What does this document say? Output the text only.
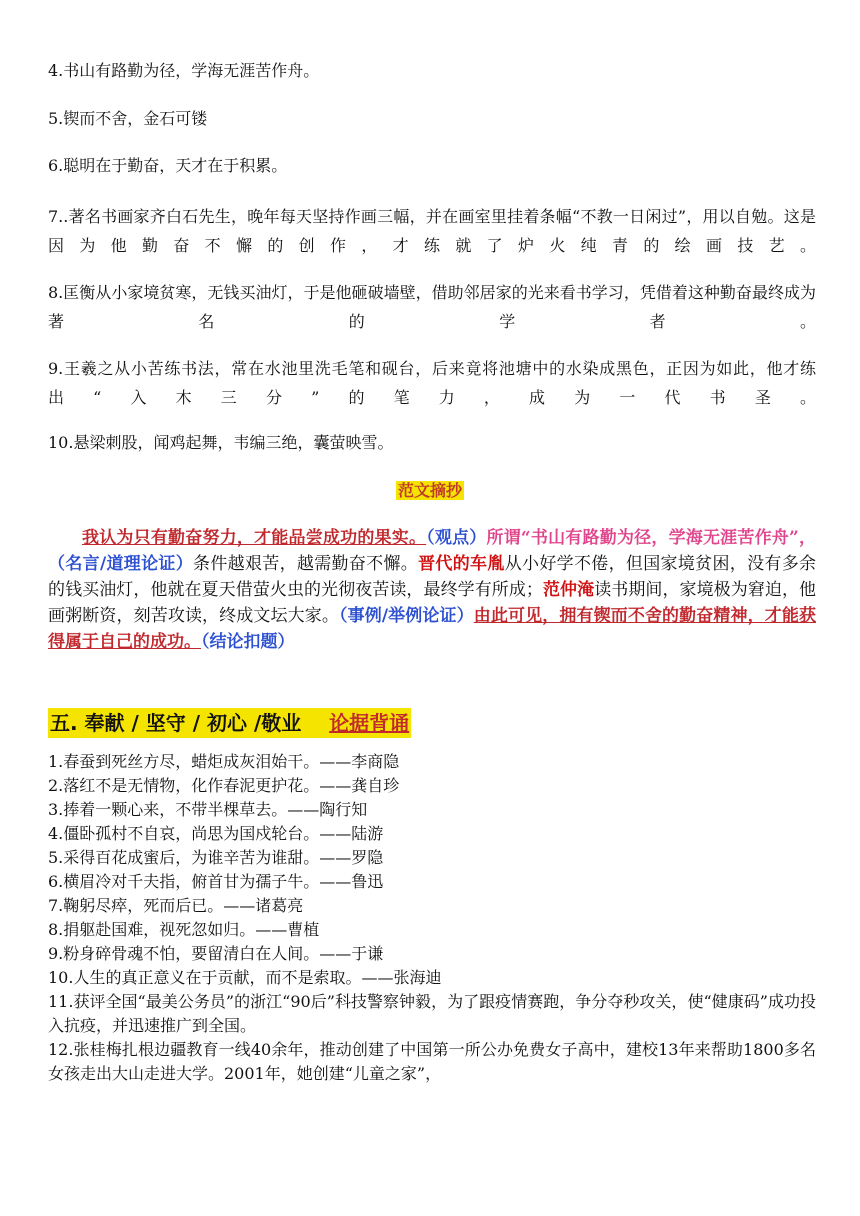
4.书山有路勤为径，学海无涯苦作舟。
5.锲而不舍，金石可镂
6.聪明在于勤奋，天才在于积累。
7..著名书画家齐白石先生，晚年每天坚持作画三幅，并在画室里挂着条幅“不教一日闲过”，用以自勉。这是因为他勤奋不懈的创作，才练就了炉火纯青的绘画技艺。
8.匡衡从小家境贫寒，无钱买油灯，于是他砸破墙壁，借助邻居家的光来看书学习，凭借着这种勤奋最终成为著名的学者。
9.王羲之从小苦练书法，常在水池里洗毛笔和砚台，后来竟将池塘中的水染成黑色，正因为如此，他才练出“入木三分”的笔力，成为一代书圣。
10.悬梁刺股，闻鸡起舞，韦编三绝，囊萤映雪。
范文摘抄
我认为只有勤奋努力，才能品尝成功的果实。（观点）所谓“书山有路勤为径，学海无涯苦作舟”，（名言/道理论证）条件越艰苦，越需勤奋不懈。晋代的车胤从小好学不倦，但国家境贫困，没有多余的钱买油灯，他就在夏天借萤火虫的光彻夜苦读，最终学有所成；范仲淹读书期间，家境极为窘迫，他画粥断资，刻苦攻读，终成文坛大家。（事例/举例论证）由此可见，拥有锲而不舍的勤奋精神，才能获得属于自己的成功。（结论扣题）
五. 奉献 / 坚守 / 初心 /敬业 论据背诵
1.春蚕到死丝方尽，蜡炬成灰泪始干。——李商隐
2.落红不是无情物，化作春泥更护花。——龚自珍
3.捧着一颗心来，不带半棵草去。——陶行知
4.僵卧孤村不自哀，尚思为国戍轮台。——陆游
5.采得百花成蜜后，为谁辛苦为谁甜。——罗隐
6.横眉冷对千夫指，俯首甘为孺子牛。——鲁迅
7.鞠躬尽瘁，死而后已。——诸葛亮
8.捐躯赴国难，视死忽如归。——曹植
9.粉身碎骨魂不怕，要留清白在人间。——于谦
10.人生的真正意义在于贡献，而不是索取。——张海迪
11.获评全国“最美公务员”的浙江“90后”科技警察钟毅，为了跟疫情赛跑，争分夺秒攻关，使“健康码”成功投入抗疫，并迅速推广到全国。
12.张桂梅扎根边疆教育一线40余年，推动创建了中国第一所公办免费女子高中，建校13年来帮助1800多名女孩走出大山走进大学。2001年，她创建“儿童之家”，
